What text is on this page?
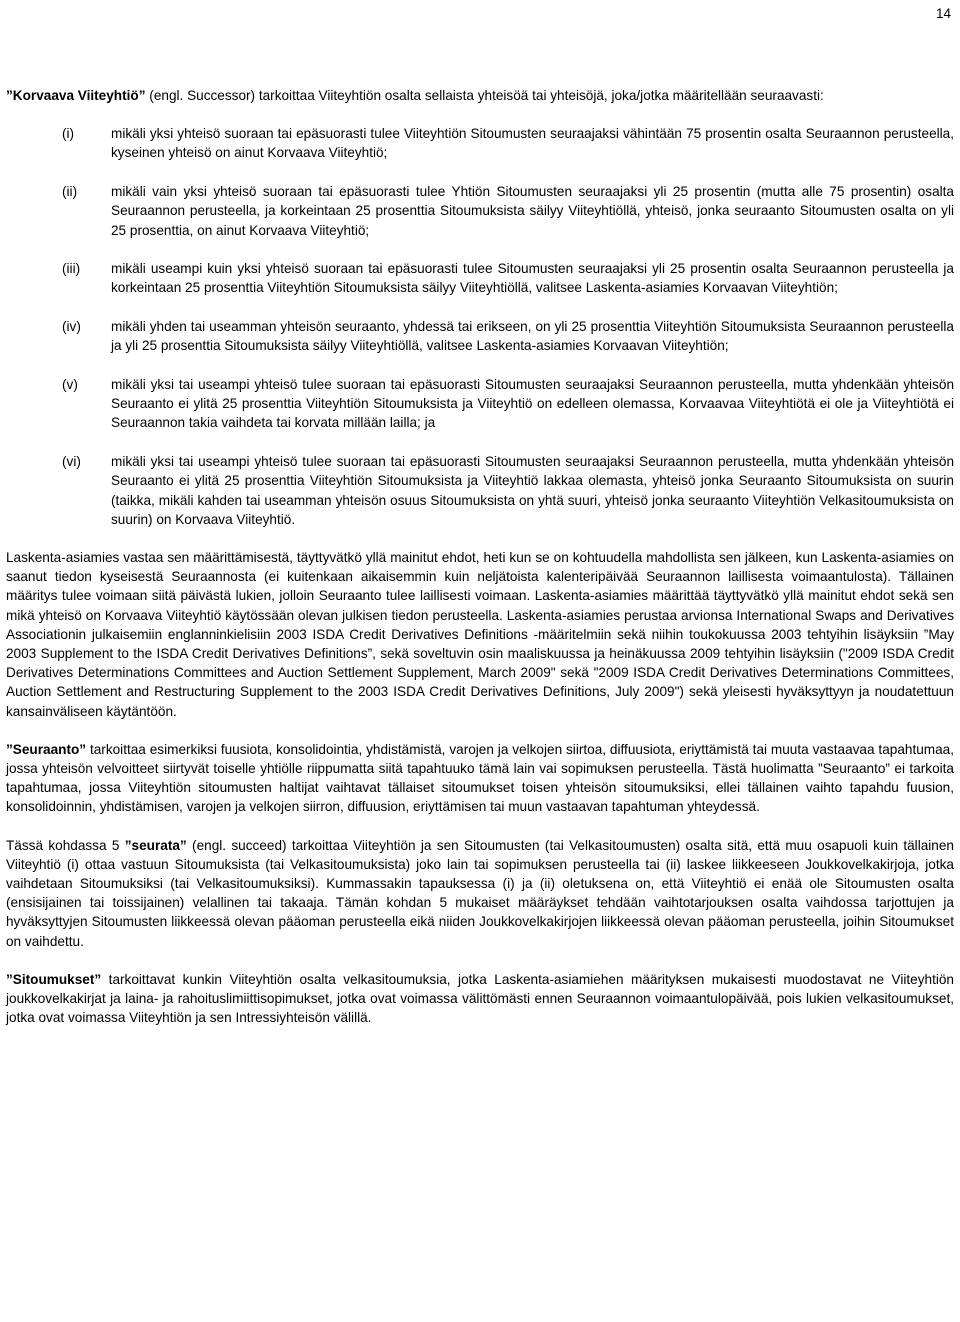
14

”Korvaava Viiteyhtiö” (engl. Successor) tarkoittaa Viiteyhtiön osalta sellaista yhteisöä tai yhteisöjä, joka/jotka määritellään seuraavasti:

(i)	mikäli yksi yhteisö suoraan tai epäsuorasti tulee Viiteyhtiön Sitoumusten seuraajaksi vähintään 75 prosentin osalta Seuraannon perusteella, kyseinen yhteisö on ainut Korvaava Viiteyhtiö;
(ii)	mikäli vain yksi yhteisö suoraan tai epäsuorasti tulee Yhtiön Sitoumusten seuraajaksi yli 25 prosentin (mutta alle 75 prosentin) osalta Seuraannon perusteella, ja korkeintaan 25 prosenttia Sitoumuksista säilyy Viiteyhtiöllä, yhteisö, jonka seuraanto Sitoumusten osalta on yli 25 prosenttia, on ainut Korvaava Viiteyhtiö;
(iii)	mikäli useampi kuin yksi yhteisö suoraan tai epäsuorasti tulee Sitoumusten seuraajaksi yli 25 prosentin osalta Seuraannon perusteella ja korkeintaan 25 prosenttia Viiteyhtiön Sitoumuksista säilyy Viiteyhtiöllä, valitsee Laskenta-asiamies Korvaavan Viiteyhtiön;
(iv)	mikäli yhden tai useamman yhteisön seuraanto, yhdessä tai erikseen, on yli 25 prosenttia Viiteyhtiön Sitoumuksista Seuraannon perusteella ja yli 25 prosenttia Sitoumuksista säilyy Viiteyhtiöllä, valitsee Laskenta-asiamies Korvaavan Viiteyhtiön;
(v)	mikäli yksi tai useampi yhteisö tulee suoraan tai epäsuorasti Sitoumusten seuraajaksi Seuraannon perusteella, mutta yhdenkään yhteisön Seuraanto ei ylitä 25 prosenttia Viiteyhtiön Sitoumuksista ja Viiteyhtiö on edelleen olemassa, Korvaavaa Viiteyhtiötä ei ole ja Viiteyhtiötä ei Seuraannon takia vaihdeta tai korvata millään lailla; ja
(vi)	mikäli yksi tai useampi yhteisö tulee suoraan tai epäsuorasti Sitoumusten seuraajaksi Seuraannon perusteella, mutta yhdenkään yhteisön Seuraanto ei ylitä 25 prosenttia Viiteyhtiön Sitoumuksista ja Viiteyhtiö lakkaa olemasta, yhteisö jonka Seuraanto Sitoumuksista on suurin (taikka, mikäli kahden tai useamman yhteisön osuus Sitoumuksista on yhtä suuri, yhteisö jonka seuraanto Viiteyhtiön Velkasitoumuksista on suurin) on Korvaava Viiteyhtiö.

Laskenta-asiamies vastaa sen määrittämisestä, täyttyvätkö yllä mainitut ehdot, heti kun se on kohtuudella mahdollista sen jälkeen, kun Laskenta-asiamies on saanut tiedon kyseisestä Seuraannosta (ei kuitenkaan aikaisemmin kuin neljätoista kalenteripäivää Seuraannon laillisesta voimaantulosta). Tällainen määritys tulee voimaan siitä päivästä lukien, jolloin Seuraanto tulee laillisesti voimaan. Laskenta-asiamies määrittää täyttyvätkö yllä mainitut ehdot sekä sen mikä yhteisö on Korvaava Viiteyhtiö käytössään olevan julkisen tiedon perusteella. Laskenta-asiamies perustaa arvionsa International Swaps and Derivatives Associationin julkaisemiin englanninkielisiin 2003 ISDA Credit Derivatives Definitions -määritelmiin sekä niihin toukokuussa 2003 tehtyihin lisäyksiin ”May 2003 Supplement to the ISDA Credit Derivatives Definitions”, sekä soveltuvin osin maaliskuussa ja heinäkuussa 2009 tehtyihin lisäyksiin ("2009 ISDA Credit Derivatives Determinations Committees and Auction Settlement Supplement, March 2009" sekä "2009 ISDA Credit Derivatives Determinations Committees, Auction Settlement and Restructuring Supplement to the 2003 ISDA Credit Derivatives Definitions, July 2009") sekä yleisesti hyväksyttyyn ja noudatettuun kansainväliseen käytäntöön.

”Seuraanto” tarkoittaa esimerkiksi fuusiota, konsolidointia, yhdistämistä, varojen ja velkojen siirtoa, diffuusiota, eriyttämistä tai muuta vastaavaa tapahtumaa, jossa yhteisön velvoitteet siirtyvät toiselle yhtiölle riippumatta siitä tapahtuuko tämä lain vai sopimuksen perusteella. Tästä huolimatta ”Seuraanto” ei tarkoita tapahtumaa, jossa Viiteyhtiön sitoumusten haltijat vaihtavat tällaiset sitoumukset toisen yhteisön sitoumuksiksi, ellei tällainen vaihto tapahdu fuusion, konsolidoinnin, yhdistämisen, varojen ja velkojen siirron, diffuusion, eriyttämisen tai muun vastaavan tapahtuman yhteydessä.

Tässä kohdassa 5 ”seurata” (engl. succeed) tarkoittaa Viiteyhtiön ja sen Sitoumusten (tai Velkasitoumusten) osalta sitä, että muu osapuoli kuin tällainen Viiteyhtiö (i) ottaa vastuun Sitoumuksista (tai Velkasitoumuksista) joko lain tai sopimuksen perusteella tai (ii) laskee liikkeeseen Joukkovelkakirjoja, jotka vaihdetaan Sitoumuksiksi (tai Velkasitoumuksiksi). Kummassakin tapauksessa (i) ja (ii) oletuksena on, että Viiteyhtiö ei enää ole Sitoumusten osalta (ensisijainen tai toissijainen) velallinen tai takaaja. Tämän kohdan 5 mukaiset määräykset tehdään vaihtotarjouksen osalta vaihdossa tarjottujen ja hyväksyttyjen Sitoumusten liikkeessä olevan pääoman perusteella eikä niiden Joukkovelkakirjojen liikkeessä olevan pääoman perusteella, joihin Sitoumukset on vaihdettu.

”Sitoumukset” tarkoittavat kunkin Viiteyhtiön osalta velkasitoumuksia, jotka Laskenta-asiamiehen määrityksen mukaisesti muodostavat ne Viiteyhtiön joukkovelkakirjat ja laina- ja rahoituslimiittisopimukset, jotka ovat voimassa välittömästi ennen Seuraannon voimaantulopäivää, pois lukien velkasitoumukset, jotka ovat voimassa Viiteyhtiön ja sen Intressiyhteisön välillä.
